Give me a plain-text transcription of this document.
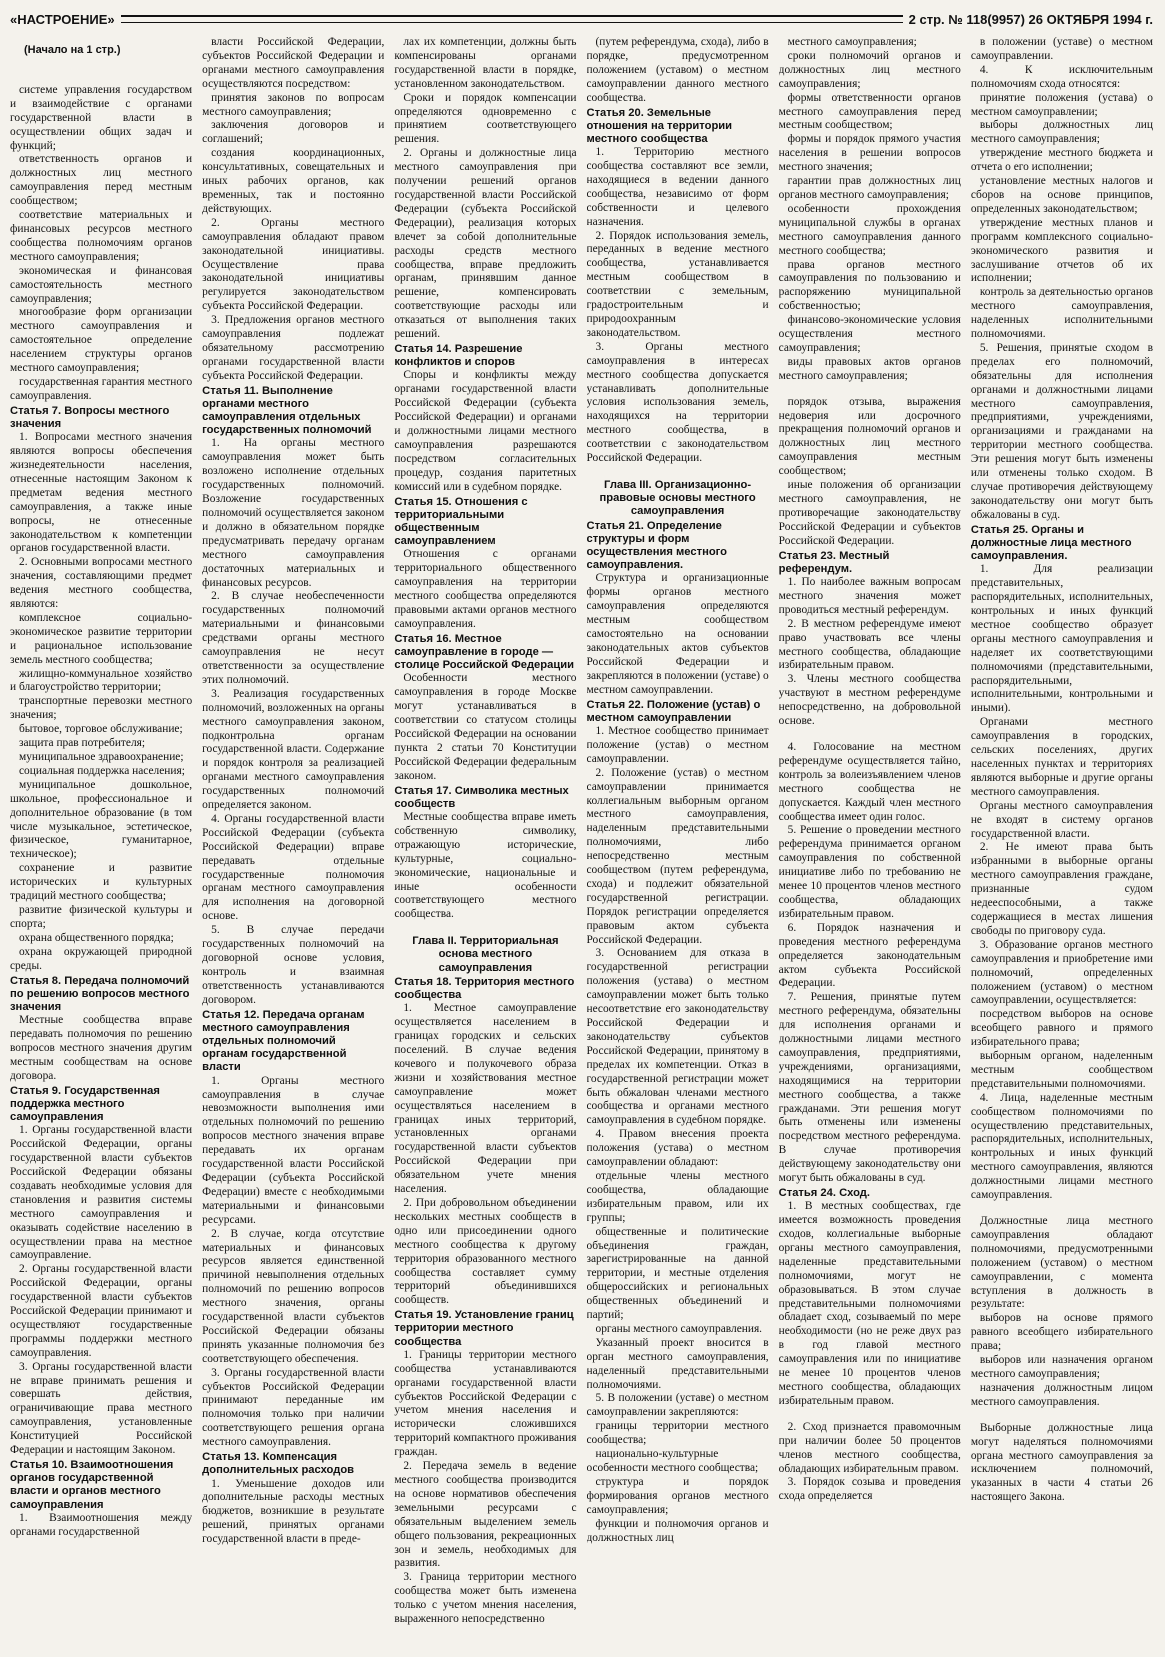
«НАСТРОЕНИЕ»	2 стр. № 118(9957) 26 ОКТЯБРЯ 1994 г.
(Начало на 1 стр.)

системе управления государством и взаимодействие с органами государственной власти в осуществлении общих задач и функций;

ответственность органов и должностных лиц местного самоуправления перед местным сообществом;

соответствие материальных и финансовых ресурсов местного сообщества полномочиям органов местного самоуправления;

экономическая и финансовая самостоятельность местного самоуправления;

многообразие форм организации местного самоуправления и самостоятельное определение населением структуры органов местного самоуправления;

государственная гарантия местного самоуправления.

Статья 7. Вопросы местного значения

1. Вопросами местного значения являются вопросы обеспечения жизнедеятельности населения, отнесенные настоящим Законом к предметам ведения местного самоуправления, а также иные вопросы, не отнесенные законодательством к компетенции органов государственной власти.

2. Основными вопросами местного значения, составляющими предмет ведения местного сообщества, являются:

комплексное социально-экономическое развитие территории и рациональное использование земель местного сообщества;

жилищно-коммунальное хозяйство и благоустройство территории;

транспортные перевозки местного значения;

бытовое, торговое обслуживание;

защита прав потребителя;

муниципальное здравоохранение;

социальная поддержка населения;

муниципальное дошкольное, школьное, профессиональное и дополнительное образование (в том числе музыкальное, эстетическое, физическое, гуманитарное, техническое);

сохранение и развитие исторических и культурных традиций местного сообщества;

развитие физической культуры и спорта;

охрана общественного порядка;

охрана окружающей природной среды.

Статья 8. Передача полномочий по решению вопросов местного значения

Местные сообщества вправе передавать полномочия по решению вопросов местного значения другим местным сообществам на основе договора.

Статья 9. Государственная поддержка местного самоуправления

1. Органы государственной власти Российской Федерации, органы государственной власти субъектов Российской Федерации обязаны создавать необходимые условия для становления и развития системы местного самоуправления и оказывать содействие населению в осуществлении права на местное самоуправление.

2. Органы государственной власти Российской Федерации, органы государственной власти субъектов Российской Федерации принимают и осуществляют государственные программы поддержки местного самоуправления.

3. Органы государственной власти не вправе принимать решения и совершать действия, ограничивающие права местного самоуправления, установленные Конституцией Российской Федерации и настоящим Законом.

Статья 10. Взаимоотношения органов государственной власти и органов местного самоуправления

1. Взаимоотношения между органами государственной

власти Российской Федерации, субъектов Российской Федерации и органами местного самоуправления осуществляются посредством:

принятия законов по вопросам местного самоуправления;

заключения договоров и соглашений;

создания координационных, консультативных, совещательных и иных рабочих органов, как временных, так и постоянно действующих.

2. Органы местного самоуправления обладают правом законодательной инициативы. Осуществление права законодательной инициативы регулируется законодательством субъекта Российской Федерации.

3. Предложения органов местного самоуправления подлежат обязательному рассмотрению органами государственной власти субъекта Российской Федерации.

Статья 11. Выполнение органами местного самоуправления отдельных государственных полномочий

1. На органы местного самоуправления может быть возложено исполнение отдельных государственных полномочий. Возложение государственных полномочий осуществляется законом и должно в обязательном порядке предусматривать передачу органам местного самоуправления достаточных материальных и финансовых ресурсов.

2. В случае необеспеченности государственных полномочий материальными и финансовыми средствами органы местного самоуправления не несут ответственности за осуществление этих полномочий.

3. Реализация государственных полномочий, возложенных на органы местного самоуправления законом, подконтрольна органам государственной власти. Содержание и порядок контроля за реализацией органами местного самоуправления государственных полномочий определяется законом.

4. Органы государственной власти Российской Федерации (субъекта Российской Федерации) вправе передавать отдельные государственные полномочия органам местного самоуправления для исполнения на договорной основе.

5. В случае передачи государственных полномочий на договорной основе условия, контроль и взаимная ответственность устанавливаются договором.

Статья 12. Передача органам местного самоуправления отдельных полномочий органам государственной власти

1. Органы местного самоуправления в случае невозможности выполнения ими отдельных полномочий по решению вопросов местного значения вправе передавать их органам государственной власти Российской Федерации (субъекта Российской Федерации) вместе с необходимыми материальными и финансовыми ресурсами.

2. В случае, когда отсутствие материальных и финансовых ресурсов является единственной причиной невыполнения отдельных полномочий по решению вопросов местного значения, органы государственной власти субъектов Российской Федерации обязаны принять указанные полномочия без соответствующего обеспечения.

3. Органы государственной власти субъектов Российской Федерации принимают переданные им полномочия только при наличии соответствующего решения органа местного самоуправления.

Статья 13. Компенсация дополнительных расходов

1. Уменьшение доходов или дополнительные расходы местных бюджетов, возникшие в результате решений, принятых органами государственной власти в преде-

лах их компетенции, должны быть компенсированы органами государственной власти в порядке, установленном законодательством.

Сроки и порядок компенсации определяются одновременно с принятием соответствующего решения.

2. Органы и должностные лица местного самоуправления при получении решений органов государственной власти Российской Федерации (субъекта Российской Федерации), реализация которых влечет за собой дополнительные расходы средств местного сообщества, вправе предложить органам, принявшим данное решение, компенсировать соответствующие расходы или отказаться от выполнения таких решений.

Статья 14. Разрешение конфликтов и споров

Споры и конфликты между органами государственной власти Российской Федерации (субъекта Российской Федерации) и органами и должностными лицами местного самоуправления разрешаются посредством согласительных процедур, создания паритетных комиссий или в судебном порядке.

Статья 15. Отношения с территориальными общественным самоуправлением

Отношения с органами территориального общественного самоуправления на территории местного сообщества определяются правовыми актами органов местного самоуправления.

Статья 16. Местное самоуправление в городе — столице Российской Федерации

Особенности местного самоуправления в городе Москве могут устанавливаться в соответствии со статусом столицы Российской Федерации на основании пункта 2 статьи 70 Конституции Российской Федерации федеральным законом.

Статья 17. Символика местных сообществ

Местные сообщества вправе иметь собственную символику, отражающую исторические, культурные, социально-экономические, национальные и иные особенности соответствующего местного сообщества.

Глава II. Территориальная основа местного самоуправления
Статья 18. Территория местного сообщества

1. Местное самоуправление осуществляется населением в границах городских и сельских поселений. В случае ведения кочевого и полукочевого образа жизни и хозяйствования местное самоуправление может осуществляться населением в границах иных территорий, установленных органами государственной власти субъектов Российской Федерации при обязательном учете мнения населения.

2. При добровольном объединении нескольких местных сообществ в одно или присоединении одного местного сообщества к другому территория образованного местного сообщества составляет сумму территорий объединившихся сообществ.

Статья 19. Установление границ территории местного сообщества

1. Границы территории местного сообщества устанавливаются органами государственной власти субъектов Российской Федерации с учетом мнения населения и исторически сложившихся территорий компактного проживания граждан.

2. Передача земель в ведение местного сообщества производится на основе нормативов обеспечения земельными ресурсами с обязательным выделением земель общего пользования, рекреационных зон и земель, необходимых для развития.

3. Граница территории местного сообщества может быть изменена только с учетом мнения населения, выраженного непосредственно

(путем референдума, схода), либо в порядке, предусмотренном положением (уставом) о местном самоуправлении данного местного сообщества.

Статья 20. Земельные отношения на территории местного сообщества

1. Территорию местного сообщества составляют все земли, находящиеся в ведении данного сообщества, независимо от форм собственности и целевого назначения.

2. Порядок использования земель, переданных в ведение местного сообщества, устанавливается местным сообществом в соответствии с земельным, градостроительным и природоохранным законодательством.

3. Органы местного самоуправления в интересах местного сообщества допускается устанавливать дополнительные условия использования земель, находящихся на территории местного сообщества, в соответствии с законодательством Российской Федерации.

Глава III. Организационно-правовые основы местного самоуправления
Статья 21. Определение структуры и форм осуществления местного самоуправления.

Структура и организационные формы органов местного самоуправления определяются местным сообществом самостоятельно на основании законодательных актов субъектов Российской Федерации и закрепляются в положении (уставе) о местном самоуправлении.

Статья 22. Положение (устав) о местном самоуправлении

1. Местное сообщество принимает положение (устав) о местном самоуправлении.

2. Положение (устав) о местном самоуправлении принимается коллегиальным выборным органом местного самоуправления, наделенным представительными полномочиями, либо непосредственно местным сообществом (путем референдума, схода) и подлежит обязательной государственной регистрации. Порядок регистрации определяется правовым актом субъекта Российской Федерации.

3. Основанием для отказа в государственной регистрации положения (устава) о местном самоуправлении может быть только несоответствие его законодательству Российской Федерации и законодательству субъектов Российской Федерации, принятому в пределах их компетенции. Отказ в государственной регистрации может быть обжалован членами местного сообщества и органами местного самоуправления в судебном порядке.

4. Правом внесения проекта положения (устава) о местном самоуправлении обладают:

отдельные члены местного сообщества, обладающие избирательным правом, или их группы;

общественные и политические объединения граждан, зарегистрированные на данной территории, и местные отделения общероссийских и региональных общественных объединений и партий;

органы местного самоуправления.

Указанный проект вносится в орган местного самоуправления, наделенный представительными полномочиями.

5. В положении (уставе) о местном самоуправлении закрепляются:

границы территории местного сообщества;

национально-культурные особенности местного сообщества;

структура и порядок формирования органов местного самоуправления;

функции и полномочия органов и должностных лиц

местного самоуправления;

сроки полномочий органов и должностных лиц местного самоуправления;

формы ответственности органов местного самоуправления перед местным сообществом;

формы и порядок прямого участия населения в решении вопросов местного значения;

гарантии прав должностных лиц органов местного самоуправления;

особенности прохождения муниципальной службы в органах местного самоуправления данного местного сообщества;

права органов местного самоуправления по пользованию и распоряжению муниципальной собственностью;

финансово-экономические условия осуществления местного самоуправления;

виды правовых актов органов местного самоуправления;

порядок отзыва, выражения недоверия или досрочного прекращения полномочий органов и должностных лиц местного самоуправления местным сообществом;

иные положения об организации местного самоуправления, не противоречащие законодательству Российской Федерации и субъектов Российской Федерации.

Статья 23. Местный референдум.

1. По наиболее важным вопросам местного значения может проводиться местный референдум.

2. В местном референдуме имеют право участвовать все члены местного сообщества, обладающие избирательным правом.

3. Члены местного сообщества участвуют в местном референдуме непосредственно, на добровольной основе.

4. Голосование на местном референдуме осуществляется тайно, контроль за волеизъявлением членов местного сообщества не допускается. Каждый член местного сообщества имеет один голос.

5. Решение о проведении местного референдума принимается органом самоуправления по собственной инициативе либо по требованию не менее 10 процентов членов местного сообщества, обладающих избирательным правом.

6. Порядок назначения и проведения местного референдума определяется законодательным актом субъекта Российской Федерации.

7. Решения, принятые путем местного референдума, обязательны для исполнения органами и должностными лицами местного самоуправления, предприятиями, учреждениями, организациями, находящимися на территории местного сообщества, а также гражданами. Эти решения могут быть отменены или изменены посредством местного референдума. В случае противоречия действующему законодательству они могут быть обжалованы в суд.

Статья 24. Сход.

1. В местных сообществах, где имеется возможность проведения сходов, коллегиальные выборные органы местного самоуправления, наделенные представительными полномочиями, могут не образовываться. В этом случае представительными полномочиями обладает сход, созываемый по мере необходимости (но не реже двух раз в год главой местного самоуправления или по инициативе не менее 10 процентов членов местного сообщества, обладающих избирательным правом.

2. Сход признается правомочным при наличии более 50 процентов членов местного сообщества, обладающих избирательным правом.

3. Порядок созыва и проведения схода определяется

в положении (уставе) о местном самоуправлении.

4. К исключительным полномочиям схода относятся:

принятие положения (устава) о местном самоуправлении;

выборы должностных лиц местного самоуправления;

утверждение местного бюджета и отчета о его исполнении;

установление местных налогов и сборов на основе принципов, определенных законодательством;

утверждение местных планов и программ комплексного социально-экономического развития и заслушивание отчетов об их исполнении;

контроль за деятельностью органов местного самоуправления, наделенных исполнительными полномочиями.

5. Решения, принятые сходом в пределах его полномочий, обязательны для исполнения органами и должностными лицами местного самоуправления, предприятиями, учреждениями, организациями и гражданами на территории местного сообщества. Эти решения могут быть изменены или отменены только сходом. В случае противоречия действующему законодательству они могут быть обжалованы в суд.

Статья 25. Органы и должностные лица местного самоуправления.

1. Для реализации представительных, распорядительных, исполнительных, контрольных и иных функций местное сообщество образует органы местного самоуправления и наделяет их соответствующими полномочиями (представительными, распорядительными, исполнительными, контрольными и иными).

Органами местного самоуправления в городских, сельских поселениях, других населенных пунктах и территориях являются выборные и другие органы местного самоуправления.

Органы местного самоуправления не входят в систему органов государственной власти.

2. Не имеют права быть избранными в выборные органы местного самоуправления граждане, признанные судом недееспособными, а также содержащиеся в местах лишения свободы по приговору суда.

3. Образование органов местного самоуправления и приобретение ими полномочий, определенных положением (уставом) о местном самоуправлении, осуществляется:

посредством выборов на основе всеобщего равного и прямого избирательного права;

выборным органом, наделенным местным сообществом представительными полномочиями.

4. Лица, наделенные местным сообществом полномочиями по осуществлению представительных, распорядительных, исполнительных, контрольных и иных функций местного самоуправления, являются должностными лицами местного самоуправления.

Должностные лица местного самоуправления обладают полномочиями, предусмотренными положением (уставом) о местном самоуправлении, с момента вступления в должность в результате:

выборов на основе прямого равного всеобщего избирательного права;

выборов или назначения органом местного самоуправления;

назначения должностным лицом местного самоуправления.

Выборные должностные лица могут наделяться полномочиями органа местного самоуправления за исключением полномочий, указанных в части 4 статьи 26 настоящего Закона.
